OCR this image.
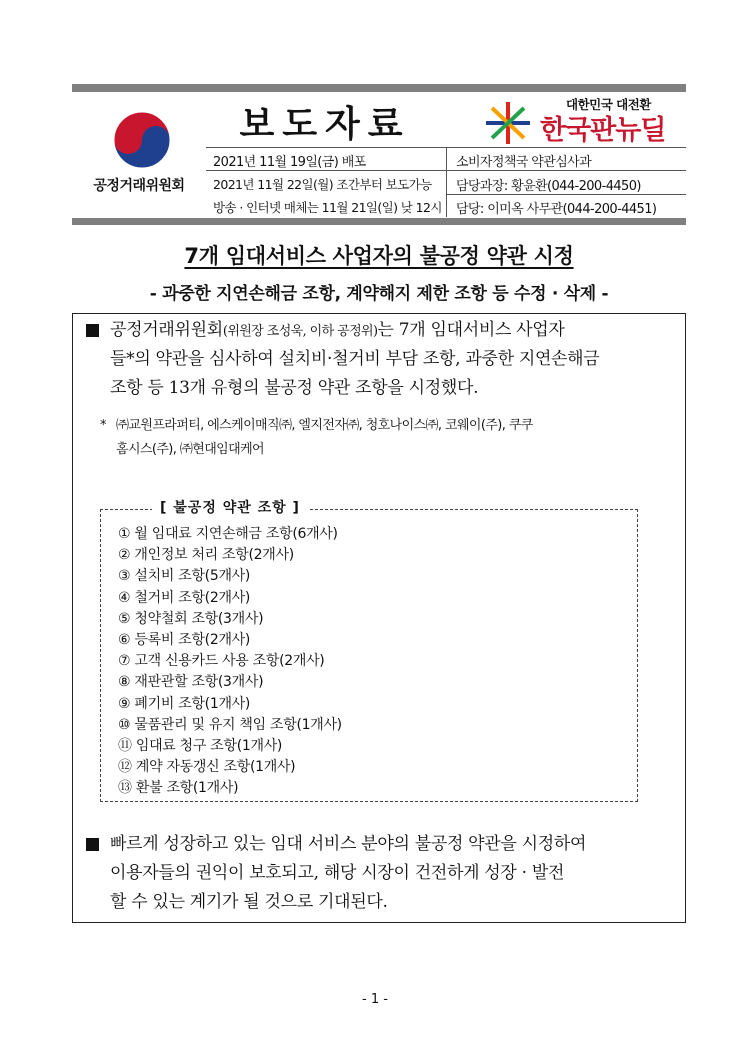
공정거래위원회
보도자료	대한민국 대전환
한국판뉴딜
2021년 11월 19일(금) 배포	소비자정책국 약관심사과
2021년 11월 22일(월) 조간부터 보도가능
방송 · 인터넷 매체는 11월 21일(일) 낮 12시
담당과장: 황윤환(044-200-4450)
담당: 이미옥 사무관(044-200-4451)
7개 임대서비스 사업자의 불공정 약관 시정
- 과중한 지연손해금 조항, 계약해지 제한 조항 등 수정 · 삭제 -
공정거래위원회(위원장 조성욱, 이하 공정위)는 7개 임대서비스 사업자
들*의 약관을 심사하여 설치비·철거비 부담 조항, 과중한 지연손해금
조항 등 13개 유형의 불공정 약관 조항을 시정했다.
* ㈜교원프라퍼티, 에스케이매직㈜, 엘지전자㈜, 청호나이스㈜, 코웨이(주), 쿠쿠
홈시스(주), ㈜현대임대케어
[ 불공정 약관 조항 ]
① 월 임대료 지연손해금 조항(6개사)
② 개인정보 처리 조항(2개사)
③ 설치비 조항(5개사)
④ 철거비 조항(2개사)
⑤ 청약철회 조항(3개사)
⑥ 등록비 조항(2개사)
⑦ 고객 신용카드 사용 조항(2개사)
⑧ 재판관할 조항(3개사)
⑨ 폐기비 조항(1개사)
⑩ 물품관리 및 유지 책임 조항(1개사)
⑪ 임대료 청구 조항(1개사)
⑫ 계약 자동갱신 조항(1개사)
⑬ 환불 조항(1개사)
빠르게 성장하고 있는 임대 서비스 분야의 불공정 약관을 시정하여
이용자들의 권익이 보호되고, 해당 시장이 건전하게 성장 · 발전
할 수 있는 계기가 될 것으로 기대된다.
- 1 -
